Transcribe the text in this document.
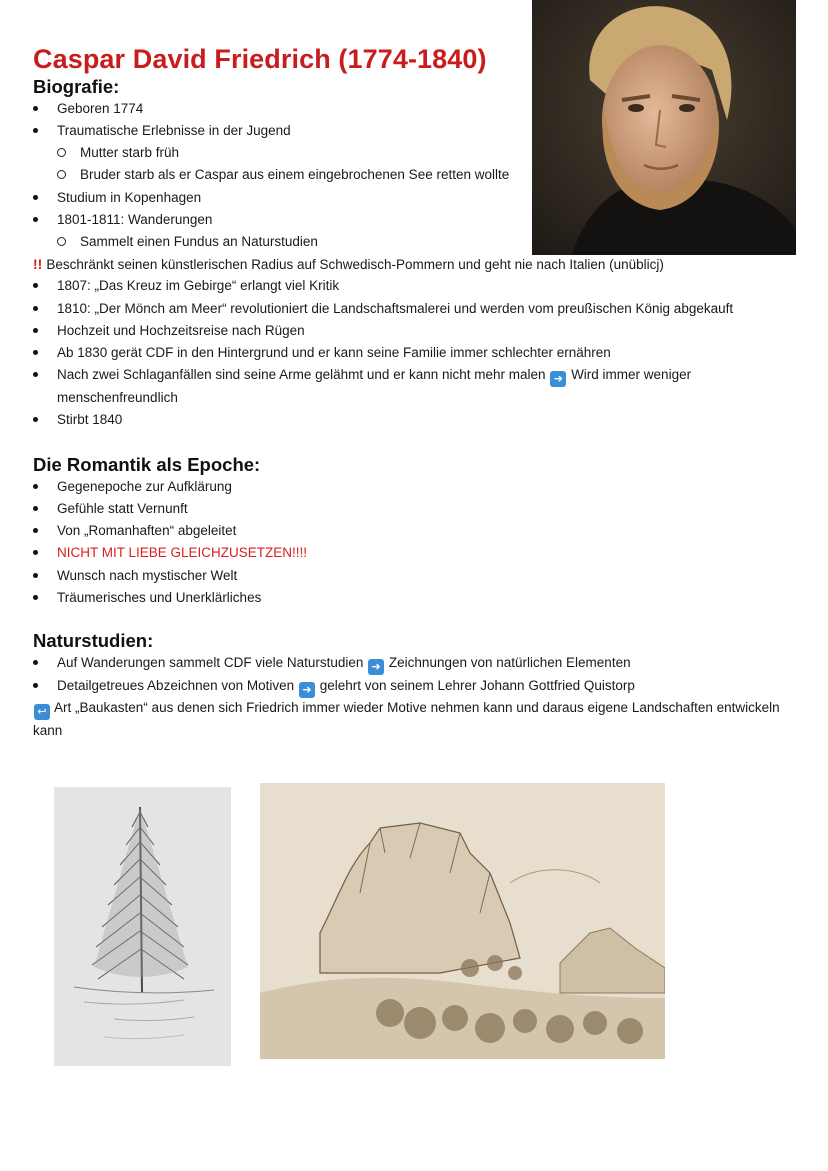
Caspar David Friedrich (1774-1840)
Biografie:
Geboren 1774
Traumatische Erlebnisse in der Jugend
Mutter starb früh
Bruder starb als er Caspar aus einem eingebrochenen See retten wollte
Studium in Kopenhagen
1801-1811: Wanderungen
Sammelt einen Fundus an Naturstudien
!! Beschränkt seinen künstlerischen Radius auf Schwedisch-Pommern und geht nie nach Italien (unüblicj)
1807: „Das Kreuz im Gebirge“ erlangt viel Kritik
1810: „Der Mönch am Meer“ revolutioniert die Landschaftsmalerei und werden vom preußischen König abgekauft
Hochzeit und Hochzeitsreise nach Rügen
Ab 1830 gerät CDF in den Hintergrund und er kann seine Familie immer schlechter ernähren
Nach zwei Schlaganfällen sind seine Arme gelähmt und er kann nicht mehr malen ➜ Wird immer weniger menschenfreundlich
Stirbt 1840
Die Romantik als Epoche:
Gegenepoche zur Aufklärung
Gefühle statt Vernunft
Von „Romanhaften“ abgeleitet
NICHT MIT LIEBE GLEICHZUSETZEN!!!!
Wunsch nach mystischer Welt
Träumerisches und Unerklärliches
Naturstudien:
Auf Wanderungen sammelt CDF viele Naturstudien ➜ Zeichnungen von natürlichen Elementen
Detailgetreues Abzeichnen von Motiven ➜ gelehrt von seinem Lehrer Johann Gottfried Quistorp
↩ Art „Baukasten“ aus denen sich Friedrich immer wieder Motive nehmen kann und daraus eigene Landschaften entwickeln kann
